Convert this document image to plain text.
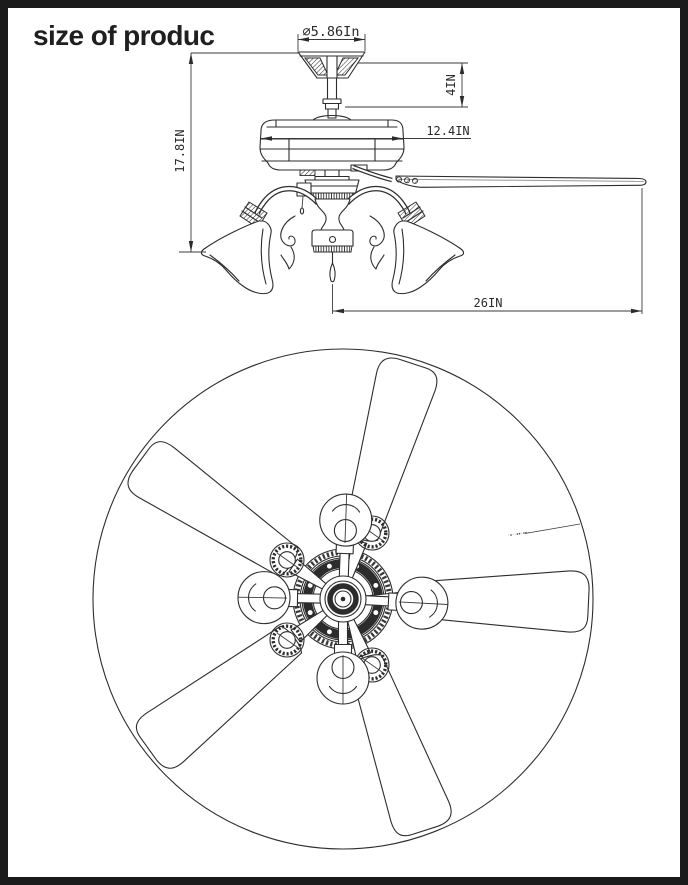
size of produc	⌀5.86In
17.8IN
4IN
12.4IN
26IN
·▪··▪▪·▪▪·
